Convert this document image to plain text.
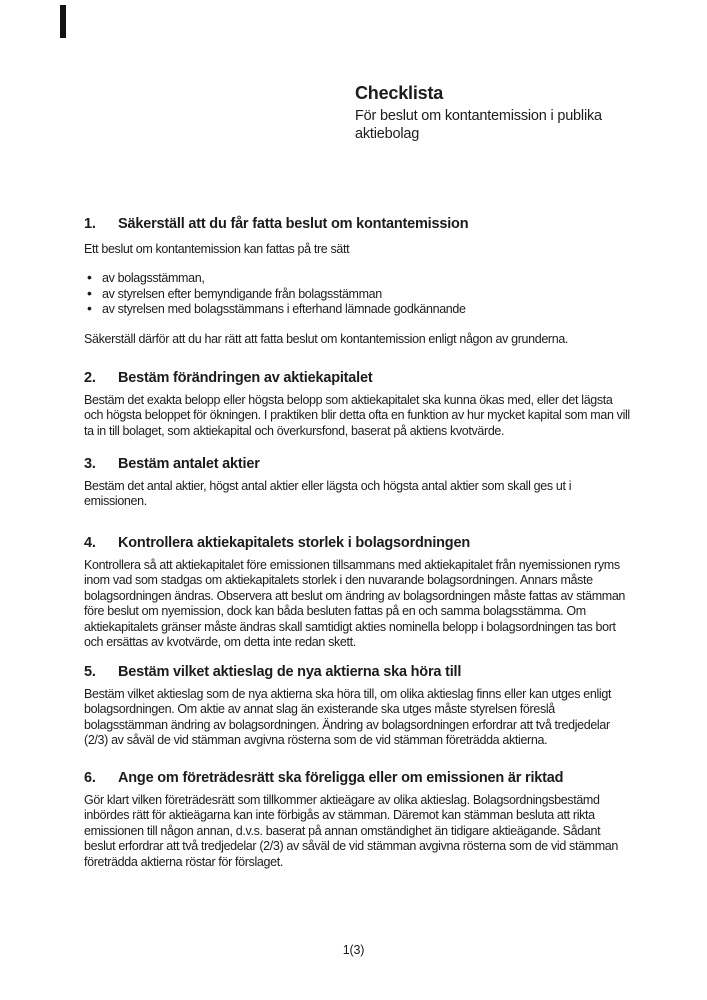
Checklista
För beslut om kontantemission i publika aktiebolag
1.	Säkerställ att du får fatta beslut om kontantemission
Ett beslut om kontantemission kan fattas på tre sätt
• av bolagsstämman,
• av styrelsen efter bemyndigande från bolagsstämman
• av styrelsen med bolagsstämmans i efterhand lämnade godkännande
Säkerställ därför att du har rätt att fatta beslut om kontantemission enligt någon av grunderna.
2.	Bestäm förändringen av aktiekapitalet
Bestäm det exakta belopp eller högsta belopp som aktiekapitalet ska kunna ökas med, eller det lägsta och högsta beloppet för ökningen. I praktiken blir detta ofta en funktion av hur mycket kapital som man vill ta in till bolaget, som aktiekapital och överkursfond, baserat på aktiens kvotvärde.
3.	Bestäm antalet aktier
Bestäm det antal aktier, högst antal aktier eller lägsta och högsta antal aktier som skall ges ut i emissionen.
4.	Kontrollera aktiekapitalets storlek i bolagsordningen
Kontrollera så att aktiekapitalet före emissionen tillsammans med aktiekapitalet från nyemissionen ryms inom vad som stadgas om aktiekapitalets storlek i den nuvarande bolagsordningen. Annars måste bolagsordningen ändras. Observera att beslut om ändring av bolagsordningen måste fattas av stämman före beslut om nyemission, dock kan båda besluten fattas på en och samma bolagsstämma. Om aktiekapitalets gränser måste ändras skall samtidigt akties nominella belopp i bolagsordningen tas bort och ersättas av kvotvärde, om detta inte redan skett.
5.	Bestäm vilket aktieslag de nya aktierna ska höra till
Bestäm vilket aktieslag som de nya aktierna ska höra till, om olika aktieslag finns eller kan utges enligt bolagsordningen. Om aktie av annat slag än existerande ska utges måste styrelsen föreslå bolagsstämman ändring av bolagsordningen. Ändring av bolagsordningen erfordrar att två tredjedelar (2/3) av såväl de vid stämman avgivna rösterna som de vid stämman företrädda aktierna.
6.	Ange om företrädesrätt ska föreligga eller om emissionen är riktad
Gör klart vilken företrädesrätt som tillkommer aktieägare av olika aktieslag. Bolagsordningsbestämd inbördes rätt för aktieägarna kan inte förbigås av stämman. Däremot kan stämman besluta att rikta emissionen till någon annan, d.v.s. baserat på annan omständighet än tidigare aktieägande. Sådant beslut erfordrar att två tredjedelar (2/3) av såväl de vid stämman avgivna rösterna som de vid stämman företrädda aktierna röstar för förslaget.
1(3)
